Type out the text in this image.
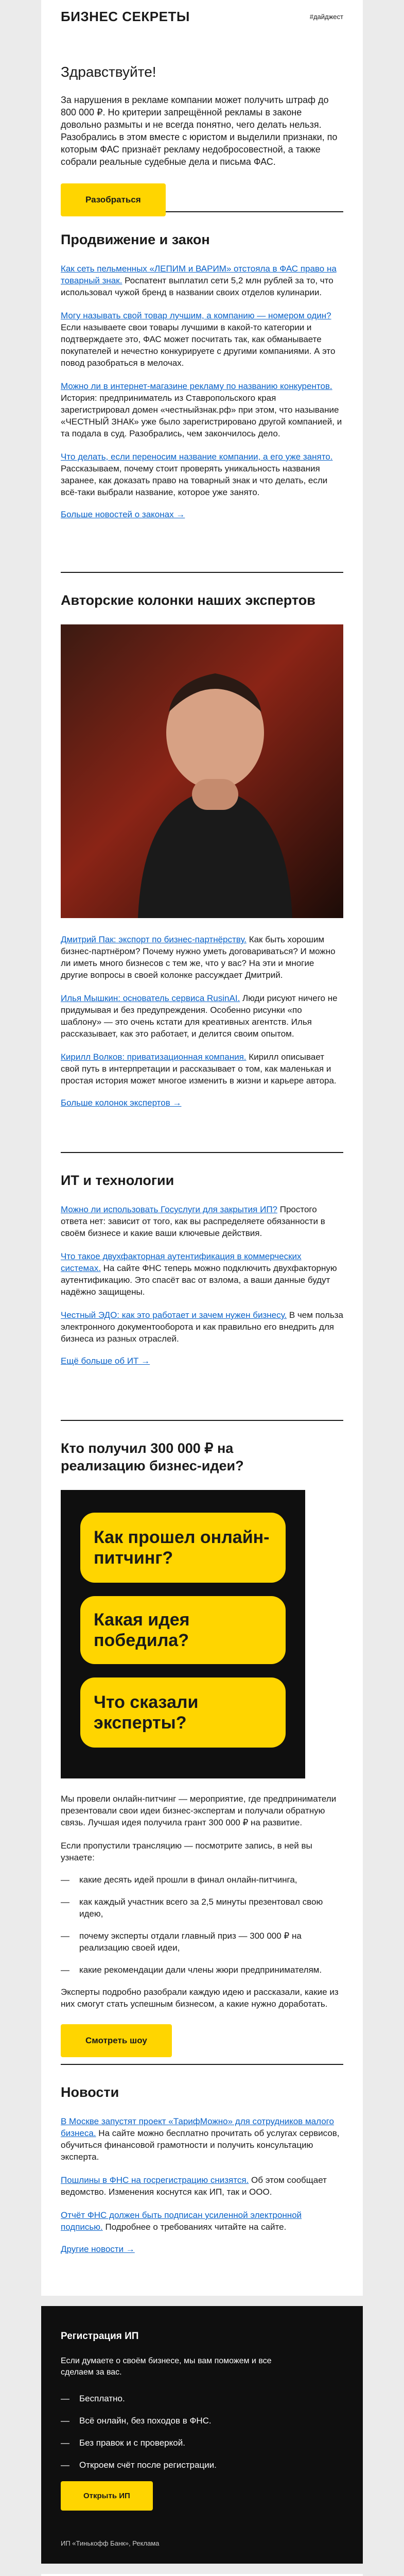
БИЗНЕС СЕКРЕТЫ	#дайджест
Здравствуйте!

За нарушения в рекламе компании может получить штраф до 800 000 ₽. Но критерии запрещённой рекламы в законе довольно размыты и не всегда понятно, чего делать нельзя. Разобрались в этом вместе с юристом и выделили признаки, по которым ФАС признаёт рекламу недобросовестной, а также собрали реальные судебные дела и письма ФАС.

Разобраться
Продвижение и закон

Как сеть пельменных «ЛЕПИМ и ВАРИМ» отстояла в ФАС право на товарный знак. Роспатент выплатил сети 5,2 млн рублей за то, что использовал чужой бренд в названии своих отделов кулинарии.

Могу называть свой товар лучшим, а компанию — номером один? Если называете свои товары лучшими в какой-то категории и подтверждаете это, ФАС может посчитать так, как обманываете покупателей и нечестно конкурируете с другими компаниями. А это повод разобраться в мелочах.

Можно ли в интернет-магазине рекламу по названию конкурентов. История: предприниматель из Ставропольского края зарегистрировал домен «честныйзнак.рф» при этом, что называние «ЧЕСТНЫЙ ЗНАК» уже было зарегистрировано другой компанией, и та подала в суд. Разобрались, чем закончилось дело.

Что делать, если переносим название компании, а его уже занято. Рассказываем, почему стоит проверять уникальность названия заранее, как доказать право на товарный знак и что делать, если всё-таки выбрали название, которое уже занято.

Больше новостей о законах →
Авторские колонки наших экспертов

Дмитрий Пак: экспорт по бизнес-партнёрству. Как быть хорошим бизнес-партнёром? Почему нужно уметь договариваться? И можно ли иметь много бизнесов с тем же, что у вас? На эти и многие другие вопросы в своей колонке рассуждает Дмитрий.

Илья Мышкин: основатель сервиса RusinAI. Люди рисуют ничего не придумывая и без предупреждения. Особенно рисунки «по шаблону» — это очень кстати для креативных агентств. Илья рассказывает, как это работает, и делится своим опытом.

Кирилл Волков: приватизационная компания. Кирилл описывает свой путь в интерпретации и рассказывает о том, как маленькая и простая история может многое изменить в жизни и карьере автора.

Больше колонок экспертов →
ИТ и технологии

Можно ли использовать Госуслуги для закрытия ИП? Простого ответа нет: зависит от того, как вы распределяете обязанности в своём бизнесе и какие ваши ключевые действия.

Что такое двухфакторная аутентификация в коммерческих системах. На сайте ФНС теперь можно подключить двухфакторную аутентификацию. Это спасёт вас от взлома, а ваши данные будут надёжно защищены.

Честный ЭДО: как это работает и зачем нужен бизнесу. В чем польза электронного документооборота и как правильно его внедрить для бизнеса из разных отраслей.

Ещё больше об ИТ →
Кто получил 300 000 ₽ на реализацию бизнес-идеи?
Как прошел онлайн-питчинг?
Какая идея победила?
Что сказали эксперты?

Мы провели онлайн-питчинг — мероприятие, где предприниматели презентовали свои идеи бизнес-экспертам и получали обратную связь. Лучшая идея получила грант 300 000 ₽ на развитие.

Если пропустили трансляцию — посмотрите запись, в ней вы узнаете:

— какие десять идей прошли в финал онлайн-питчинга,
— как каждый участник всего за 2,5 минуты презентовал свою идею,
— почему эксперты отдали главный приз — 300 000 ₽ на реализацию своей идеи,
— какие рекомендации дали члены жюри предпринимателям.

Эксперты подробно разобрали каждую идею и рассказали, какие из них смогут стать успешным бизнесом, а какие нужно доработать.

Смотреть шоу
Новости

В Москве запустят проект «ТарифМожно» для сотрудников малого бизнеса. На сайте можно бесплатно прочитать об услугах сервисов, обучиться финансовой грамотности и получить консультацию эксперта.

Пошлины в ФНС на госрегистрацию снизятся. Об этом сообщает ведомство. Изменения коснутся как ИП, так и ООО.

Отчёт ФНС должен быть подписан усиленной электронной подписью. Подробнее о требованиях читайте на сайте.

Другие новости →
Регистрация ИП

Если думаете о своём бизнесе, мы вам поможем и все сделаем за вас.

— Бесплатно.
— Всё онлайн, без походов в ФНС.
— Без правок и с проверкой.
— Откроем счёт после регистрации.
Открыть ИП
ИП «Тинькофф Банк», Реклама
